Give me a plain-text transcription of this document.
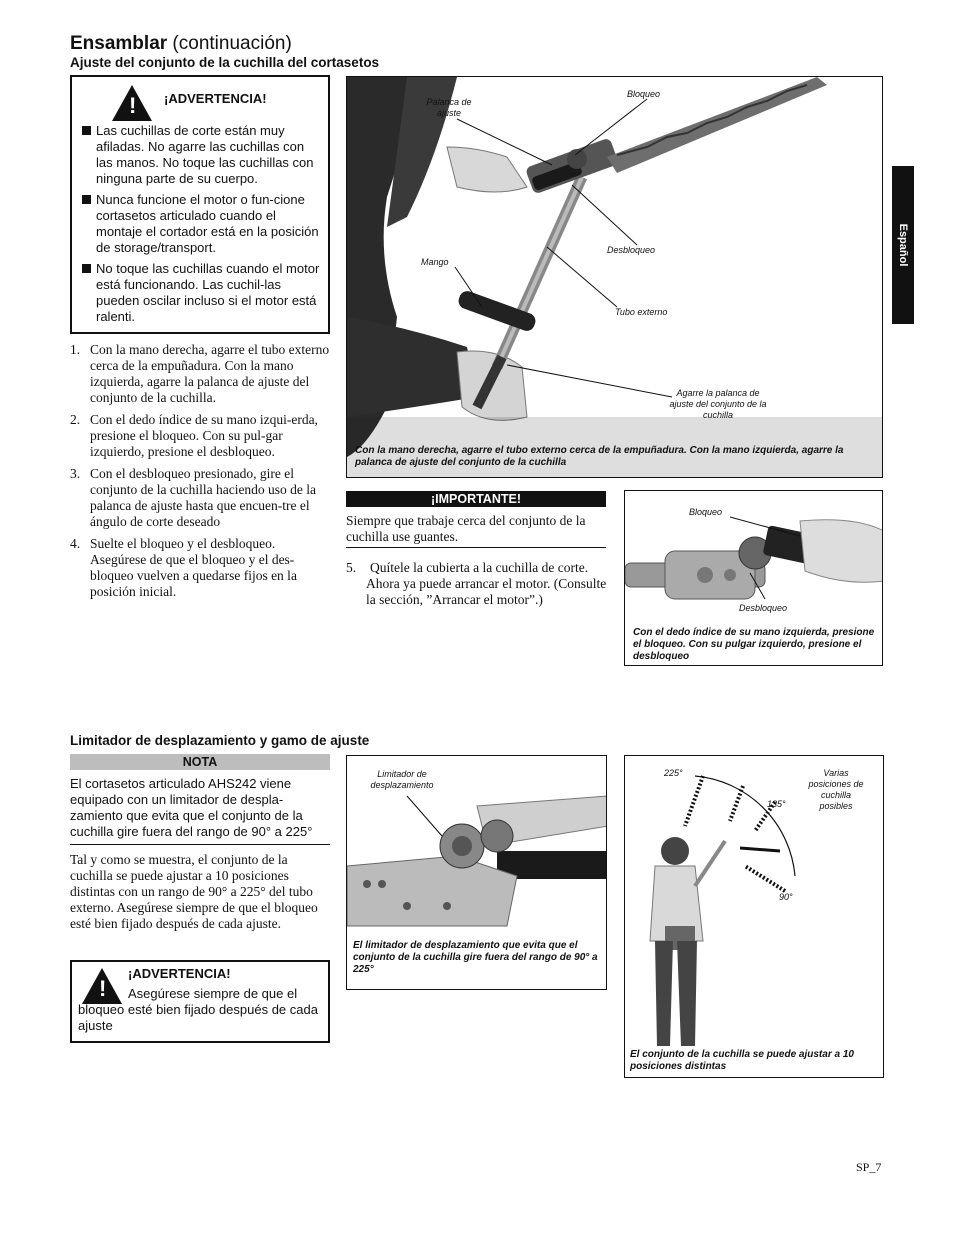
Ensamblar (continuación)
Ajuste del conjunto de la cuchilla del cortasetos
Español
! ¡ADVERTENCIA!
Las cuchillas de corte están muy afiladas. No agarre las cuchillas con las manos. No toque las cuchillas con ninguna parte de su cuerpo.
Nunca funcione el motor o fun-cione cortasetos articulado cuando el montaje el cortador está en la posición de storage/transport.
No toque las cuchillas cuando el motor está funcionando. Las cuchil-las pueden oscilar incluso si el motor está ralenti.
1. Con la mano derecha, agarre el tubo externo cerca de la empuñadura. Con la mano izquierda, agarre la palanca de ajuste del conjunto de la cuchilla.
2. Con el dedo índice de su mano izqui-erda, presione el bloqueo. Con su pul-gar izquierdo, presione el desbloqueo.
3. Con el desbloqueo presionado, gire el conjunto de la cuchilla haciendo uso de la palanca de ajuste hasta que encuen-tre el ángulo de corte deseado
4. Suelte el bloqueo y el desbloqueo. Asegúrese de que el bloqueo y el des-bloqueo vuelven a quedarse fijos en la posición inicial.
Palanca de ajuste
Bloqueo
Desbloqueo
Mango
Tubo externo
Agarre la palanca de ajuste del conjunto de la cuchilla
Con la mano derecha, agarre el tubo externo cerca de la empuñadura. Con la mano izquierda, agarre la palanca de ajuste del conjunto de la cuchilla
¡IMPORTANTE!
Siempre que trabaje cerca del conjunto de la cuchilla use guantes.
5. Quítele la cubierta a la cuchilla de corte. Ahora ya puede arrancar el motor. (Consulte la sección, ”Arrancar el motor”.)
Bloqueo
Desbloqueo
Con el dedo índice de su mano izquierda, presione el bloqueo. Con su pulgar izquierdo, presione el desbloqueo
Limitador de desplazamiento y gamo de ajuste
NOTA
El cortasetos articulado AHS242 viene equipado con un limitador de despla-zamiento que evita que el conjunto de la cuchilla gire fuera del rango de 90° a 225°
Tal y como se muestra, el conjunto de la cuchilla se puede ajustar a 10 posiciones distintas con un rango de 90° a 225° del tubo externo. Asegúrese siempre de que el bloqueo esté bien fijado después de cada ajuste.
!
¡ADVERTENCIA!
Asegúrese siempre de que el bloqueo esté bien fijado después de cada ajuste
Limitador de desplazamiento
El limitador de desplazamiento que evita que el conjunto de la cuchilla gire fuera del rango de 90° a 225°
225°
135°
90°
Varias posiciones de cuchilla posibles
El conjunto de la cuchilla se puede ajustar a 10 posiciones distintas
SP_7
